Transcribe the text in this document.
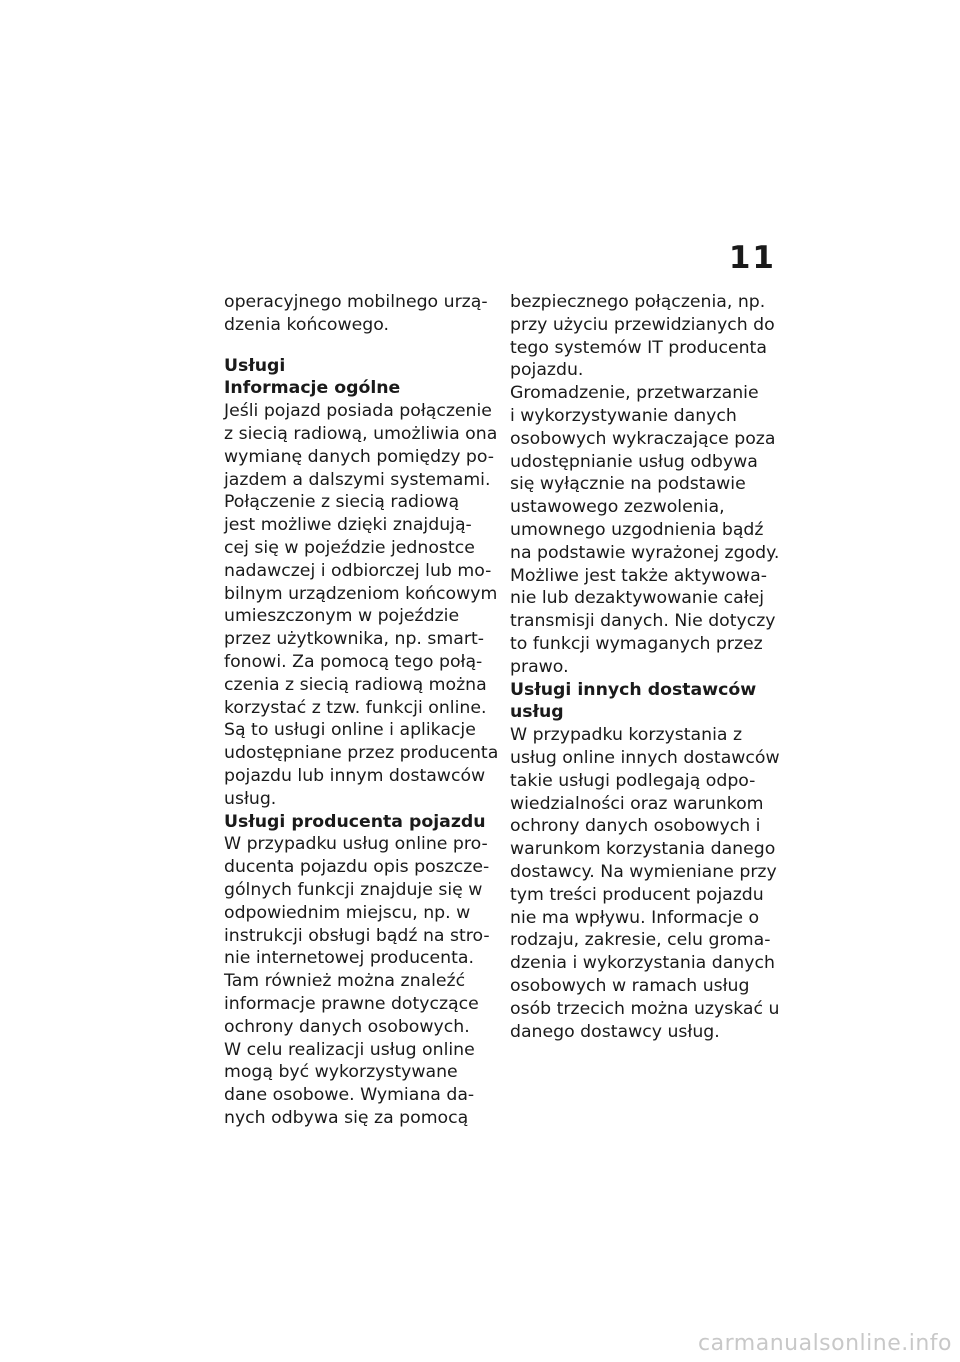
11
operacyjnego mobilnego urzą-
dzenia końcowego.
Usługi
Informacje ogólne
Jeśli pojazd posiada połączenie
z siecią radiową, umożliwia ona
wymianę danych pomiędzy po-
jazdem a dalszymi systemami.
Połączenie z siecią radiową
jest możliwe dzięki znajdują-
cej się w pojeździe jednostce
nadawczej i odbiorczej lub mo-
bilnym urządzeniom końcowym
umieszczonym w pojeździe
przez użytkownika, np. smart-
fonowi. Za pomocą tego połą-
czenia z siecią radiową można
korzystać z tzw. funkcji online.
Są to usługi online i aplikacje
udostępniane przez producenta
pojazdu lub innym dostawców
usług.
Usługi producenta pojazdu
W przypadku usług online pro-
ducenta pojazdu opis poszcze-
gólnych funkcji znajduje się w
odpowiednim miejscu, np. w
instrukcji obsługi bądź na stro-
nie internetowej producenta.
Tam również można znaleźć
informacje prawne dotyczące
ochrony danych osobowych.
W celu realizacji usług online
mogą być wykorzystywane
dane osobowe. Wymiana da-
nych odbywa się za pomocą
bezpiecznego połączenia, np.
przy użyciu przewidzianych do
tego systemów IT producenta
pojazdu.
Gromadzenie, przetwarzanie
i wykorzystywanie danych
osobowych wykraczające poza
udostępnianie usług odbywa
się wyłącznie na podstawie
ustawowego zezwolenia,
umownego uzgodnienia bądź
na podstawie wyrażonej zgody.
Możliwe jest także aktywowa-
nie lub dezaktywowanie całej
transmisji danych. Nie dotyczy
to funkcji wymaganych przez
prawo.
Usługi innych dostawców
usług
W przypadku korzystania z
usług online innych dostawców
takie usługi podlegają odpo-
wiedzialności oraz warunkom
ochrony danych osobowych i
warunkom korzystania danego
dostawcy. Na wymieniane przy
tym treści producent pojazdu
nie ma wpływu. Informacje o
rodzaju, zakresie, celu groma-
dzenia i wykorzystania danych
osobowych w ramach usług
osób trzecich można uzyskać u
danego dostawcy usług.
carmanualsonline.info
